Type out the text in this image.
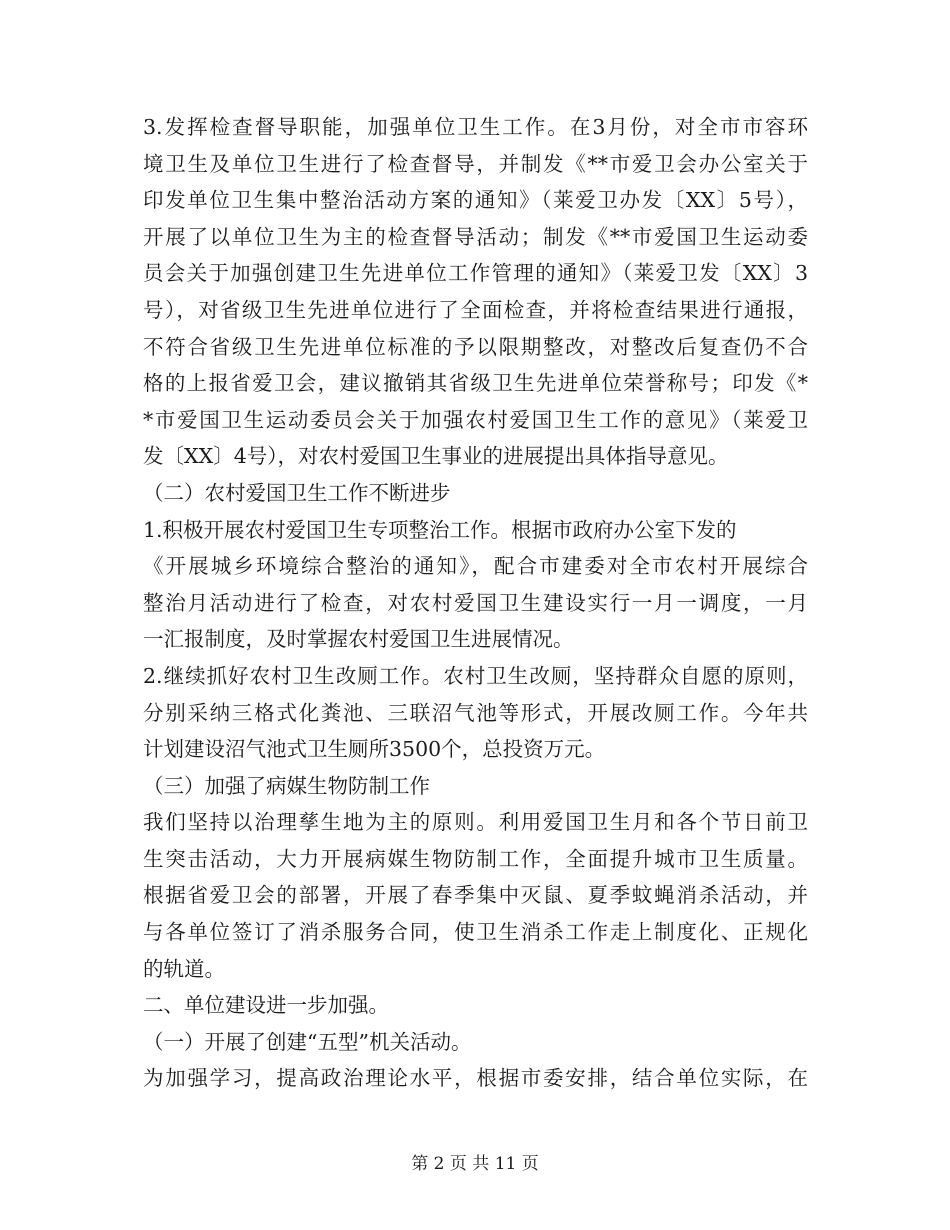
3.发挥检查督导职能，加强单位卫生工作。在3月份，对全市市容环
境卫生及单位卫生进行了检查督导，并制发《**市爱卫会办公室关于
印发单位卫生集中整治活动方案的通知》（莱爱卫办发〔XX〕5号），
开展了以单位卫生为主的检查督导活动；制发《**市爱国卫生运动委
员会关于加强创建卫生先进单位工作管理的通知》（莱爱卫发〔XX〕3
号），对省级卫生先进单位进行了全面检查，并将检查结果进行通报，
不符合省级卫生先进单位标准的予以限期整改，对整改后复查仍不合
格的上报省爱卫会，建议撤销其省级卫生先进单位荣誉称号；印发《*
*市爱国卫生运动委员会关于加强农村爱国卫生工作的意见》（莱爱卫
发〔XX〕4号），对农村爱国卫生事业的进展提出具体指导意见。
（二）农村爱国卫生工作不断进步
1.积极开展农村爱国卫生专项整治工作。根据市政府办公室下发的
《开展城乡环境综合整治的通知》，配合市建委对全市农村开展综合
整治月活动进行了检查，对农村爱国卫生建设实行一月一调度，一月
一汇报制度，及时掌握农村爱国卫生进展情况。
2.继续抓好农村卫生改厕工作。农村卫生改厕，坚持群众自愿的原则，
分别采纳三格式化粪池、三联沼气池等形式，开展改厕工作。今年共
计划建设沼气池式卫生厕所3500个，总投资万元。
（三）加强了病媒生物防制工作
我们坚持以治理孳生地为主的原则。利用爱国卫生月和各个节日前卫
生突击活动，大力开展病媒生物防制工作，全面提升城市卫生质量。
根据省爱卫会的部署，开展了春季集中灭鼠、夏季蚊蝇消杀活动，并
与各单位签订了消杀服务合同，使卫生消杀工作走上制度化、正规化
的轨道。
二、单位建设进一步加强。
（一）开展了创建“五型”机关活动。
为加强学习，提高政治理论水平，根据市委安排，结合单位实际，在
第 2 页 共 11 页
